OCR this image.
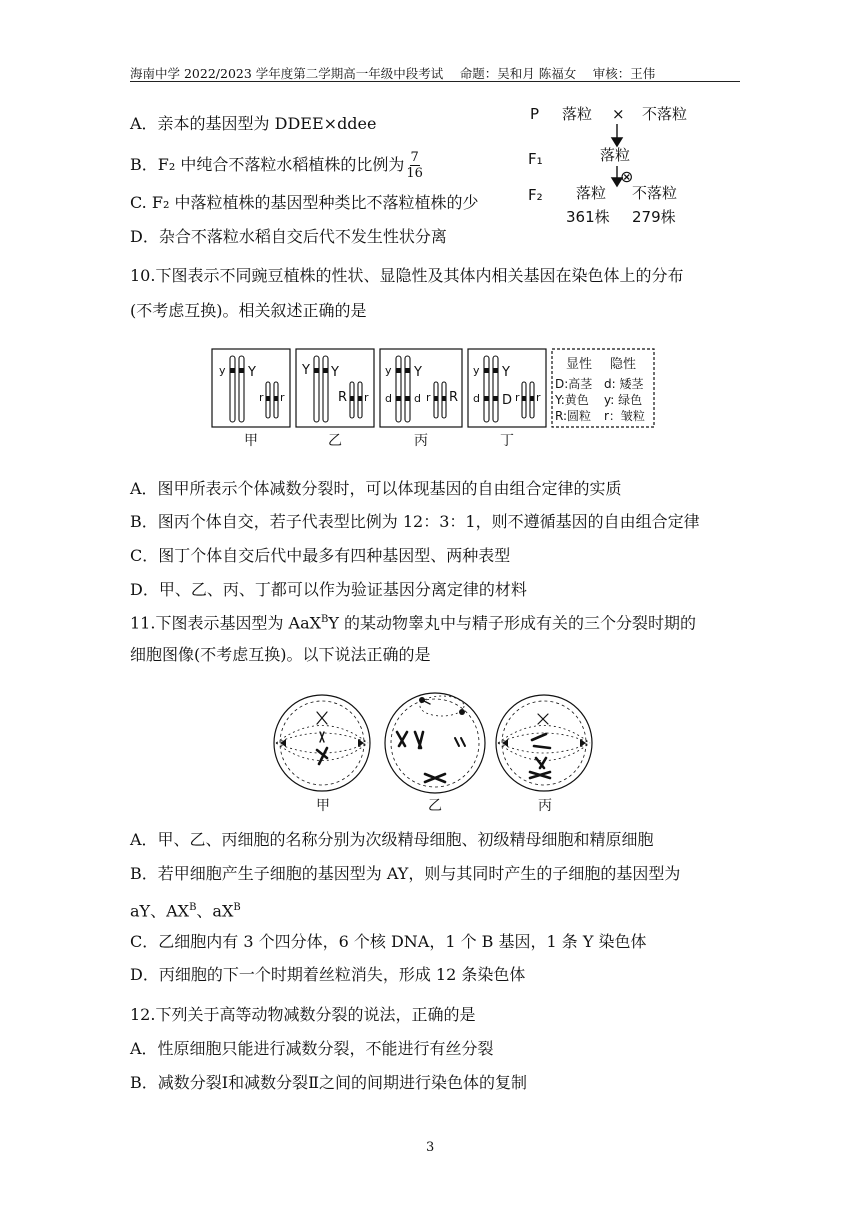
海南中学 2022/2023 学年度第二学期高一年级中段考试　 命题：吴和月 陈福女　 审核：王伟
A．亲本的基因型为 DDEE×ddee
B．F₂ 中纯合不落粒水稻植株的比例为 $\frac{7}{16}$
C. F₂ 中落粒植株的基因型种类比不落粒植株的少
D．杂合不落粒水稻自交后代不发生性状分离
P 落粒 × 不落粒
F₁	落粒
⊗
F₂ 落粒 不落粒
361株 279株
10.下图表示不同豌豆植株的性状、显隐性及其体内相关基因在染色体上的分布
(不考虑互换)。相关叙述正确的是
y Y
r r
Y Y
R r
y Y
d d r R
y Y
d D r r
显性 隐性
D:高茎 d: 矮茎
Y:黄色 y: 绿色
R:圆粒 r：皱粒
甲	乙	丙	丁
A．图甲所表示个体减数分裂时，可以体现基因的自由组合定律的实质
B．图丙个体自交，若子代表型比例为 12：3：1，则不遵循基因的自由组合定律
C．图丁个体自交后代中最多有四种基因型、两种表型
D．甲、乙、丙、丁都可以作为验证基因分离定律的材料
11.下图表示基因型为 AaX$^B$Y 的某动物睾丸中与精子形成有关的三个分裂时期的
细胞图像(不考虑互换)。以下说法正确的是
甲	乙	丙
A．甲、乙、丙细胞的名称分别为次级精母细胞、初级精母细胞和精原细胞
B．若甲细胞产生子细胞的基因型为 AY，则与其同时产生的子细胞的基因型为
aY、$AX^B$、$aX^B$
C．乙细胞内有 3 个四分体，6 个核 DNA，1 个 B 基因，1 条 Y 染色体
D．丙细胞的下一个时期着丝粒消失，形成 12 条染色体
12.下列关于高等动物减数分裂的说法，正确的是
A．性原细胞只能进行减数分裂，不能进行有丝分裂
B．减数分裂Ⅰ和减数分裂Ⅱ之间的间期进行染色体的复制
3
